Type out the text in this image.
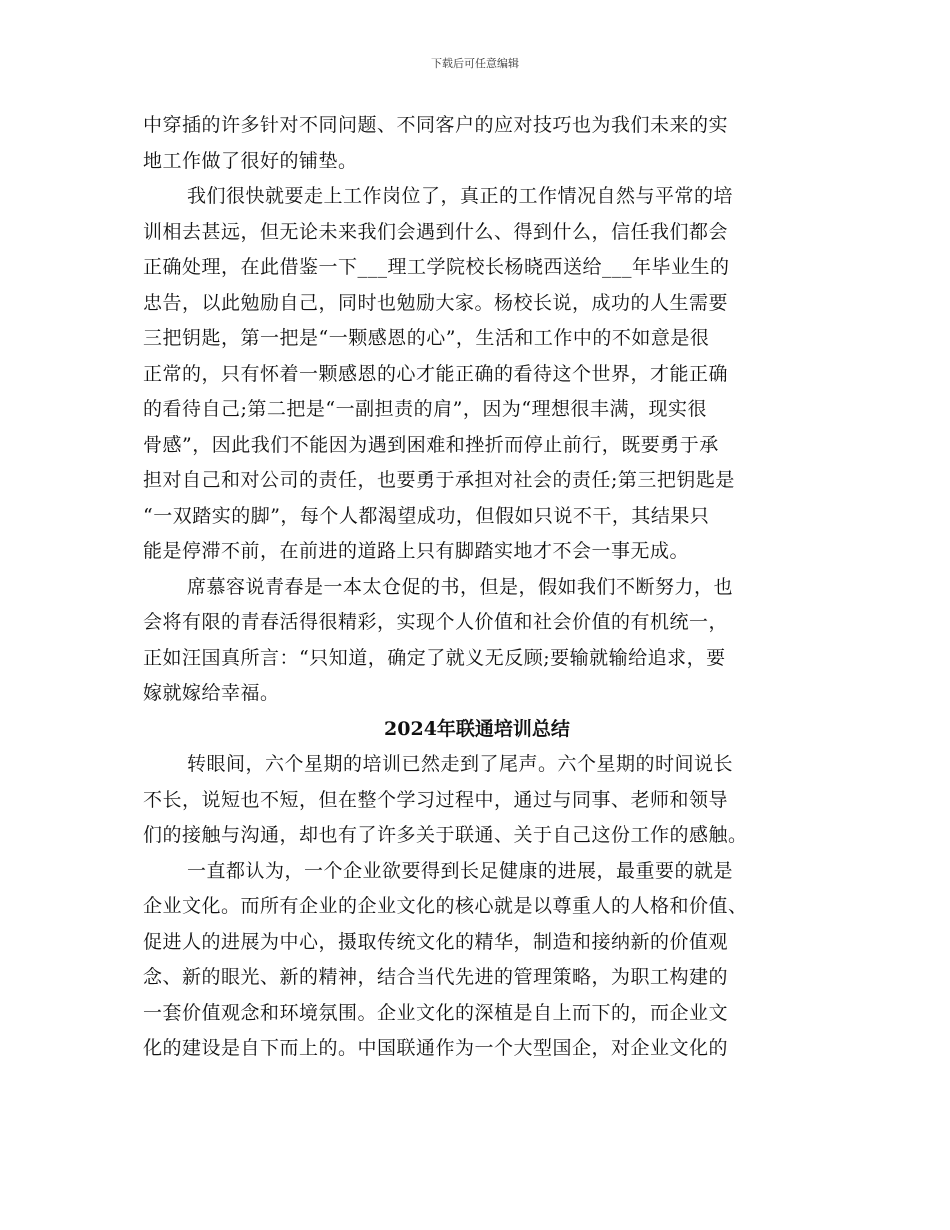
下载后可任意编辑
中穿插的许多针对不同问题、不同客户的应对技巧也为我们未来的实
地工作做了很好的铺垫。
我们很快就要走上工作岗位了，真正的工作情况自然与平常的培
训相去甚远，但无论未来我们会遇到什么、得到什么，信任我们都会
正确处理，在此借鉴一下___理工学院校长杨晓西送给___年毕业生的
忠告，以此勉励自己，同时也勉励大家。杨校长说，成功的人生需要
三把钥匙，第一把是“一颗感恩的心”，生活和工作中的不如意是很
正常的，只有怀着一颗感恩的心才能正确的看待这个世界，才能正确
的看待自己;第二把是“一副担责的肩”，因为“理想很丰满，现实很
骨感”，因此我们不能因为遇到困难和挫折而停止前行，既要勇于承
担对自己和对公司的责任，也要勇于承担对社会的责任;第三把钥匙是
“一双踏实的脚”，每个人都渴望成功，但假如只说不干，其结果只
能是停滞不前，在前进的道路上只有脚踏实地才不会一事无成。
席慕容说青春是一本太仓促的书，但是，假如我们不断努力，也
会将有限的青春活得很精彩，实现个人价值和社会价值的有机统一，
正如汪国真所言：“只知道，确定了就义无反顾;要输就输给追求，要
嫁就嫁给幸福。
2024年联通培训总结
转眼间，六个星期的培训已然走到了尾声。六个星期的时间说长
不长，说短也不短，但在整个学习过程中，通过与同事、老师和领导
们的接触与沟通，却也有了许多关于联通、关于自己这份工作的感触。
一直都认为，一个企业欲要得到长足健康的进展，最重要的就是
企业文化。而所有企业的企业文化的核心就是以尊重人的人格和价值、
促进人的进展为中心，摄取传统文化的精华，制造和接纳新的价值观
念、新的眼光、新的精神，结合当代先进的管理策略，为职工构建的
一套价值观念和环境氛围。企业文化的深植是自上而下的，而企业文
化的建设是自下而上的。中国联通作为一个大型国企，对企业文化的
